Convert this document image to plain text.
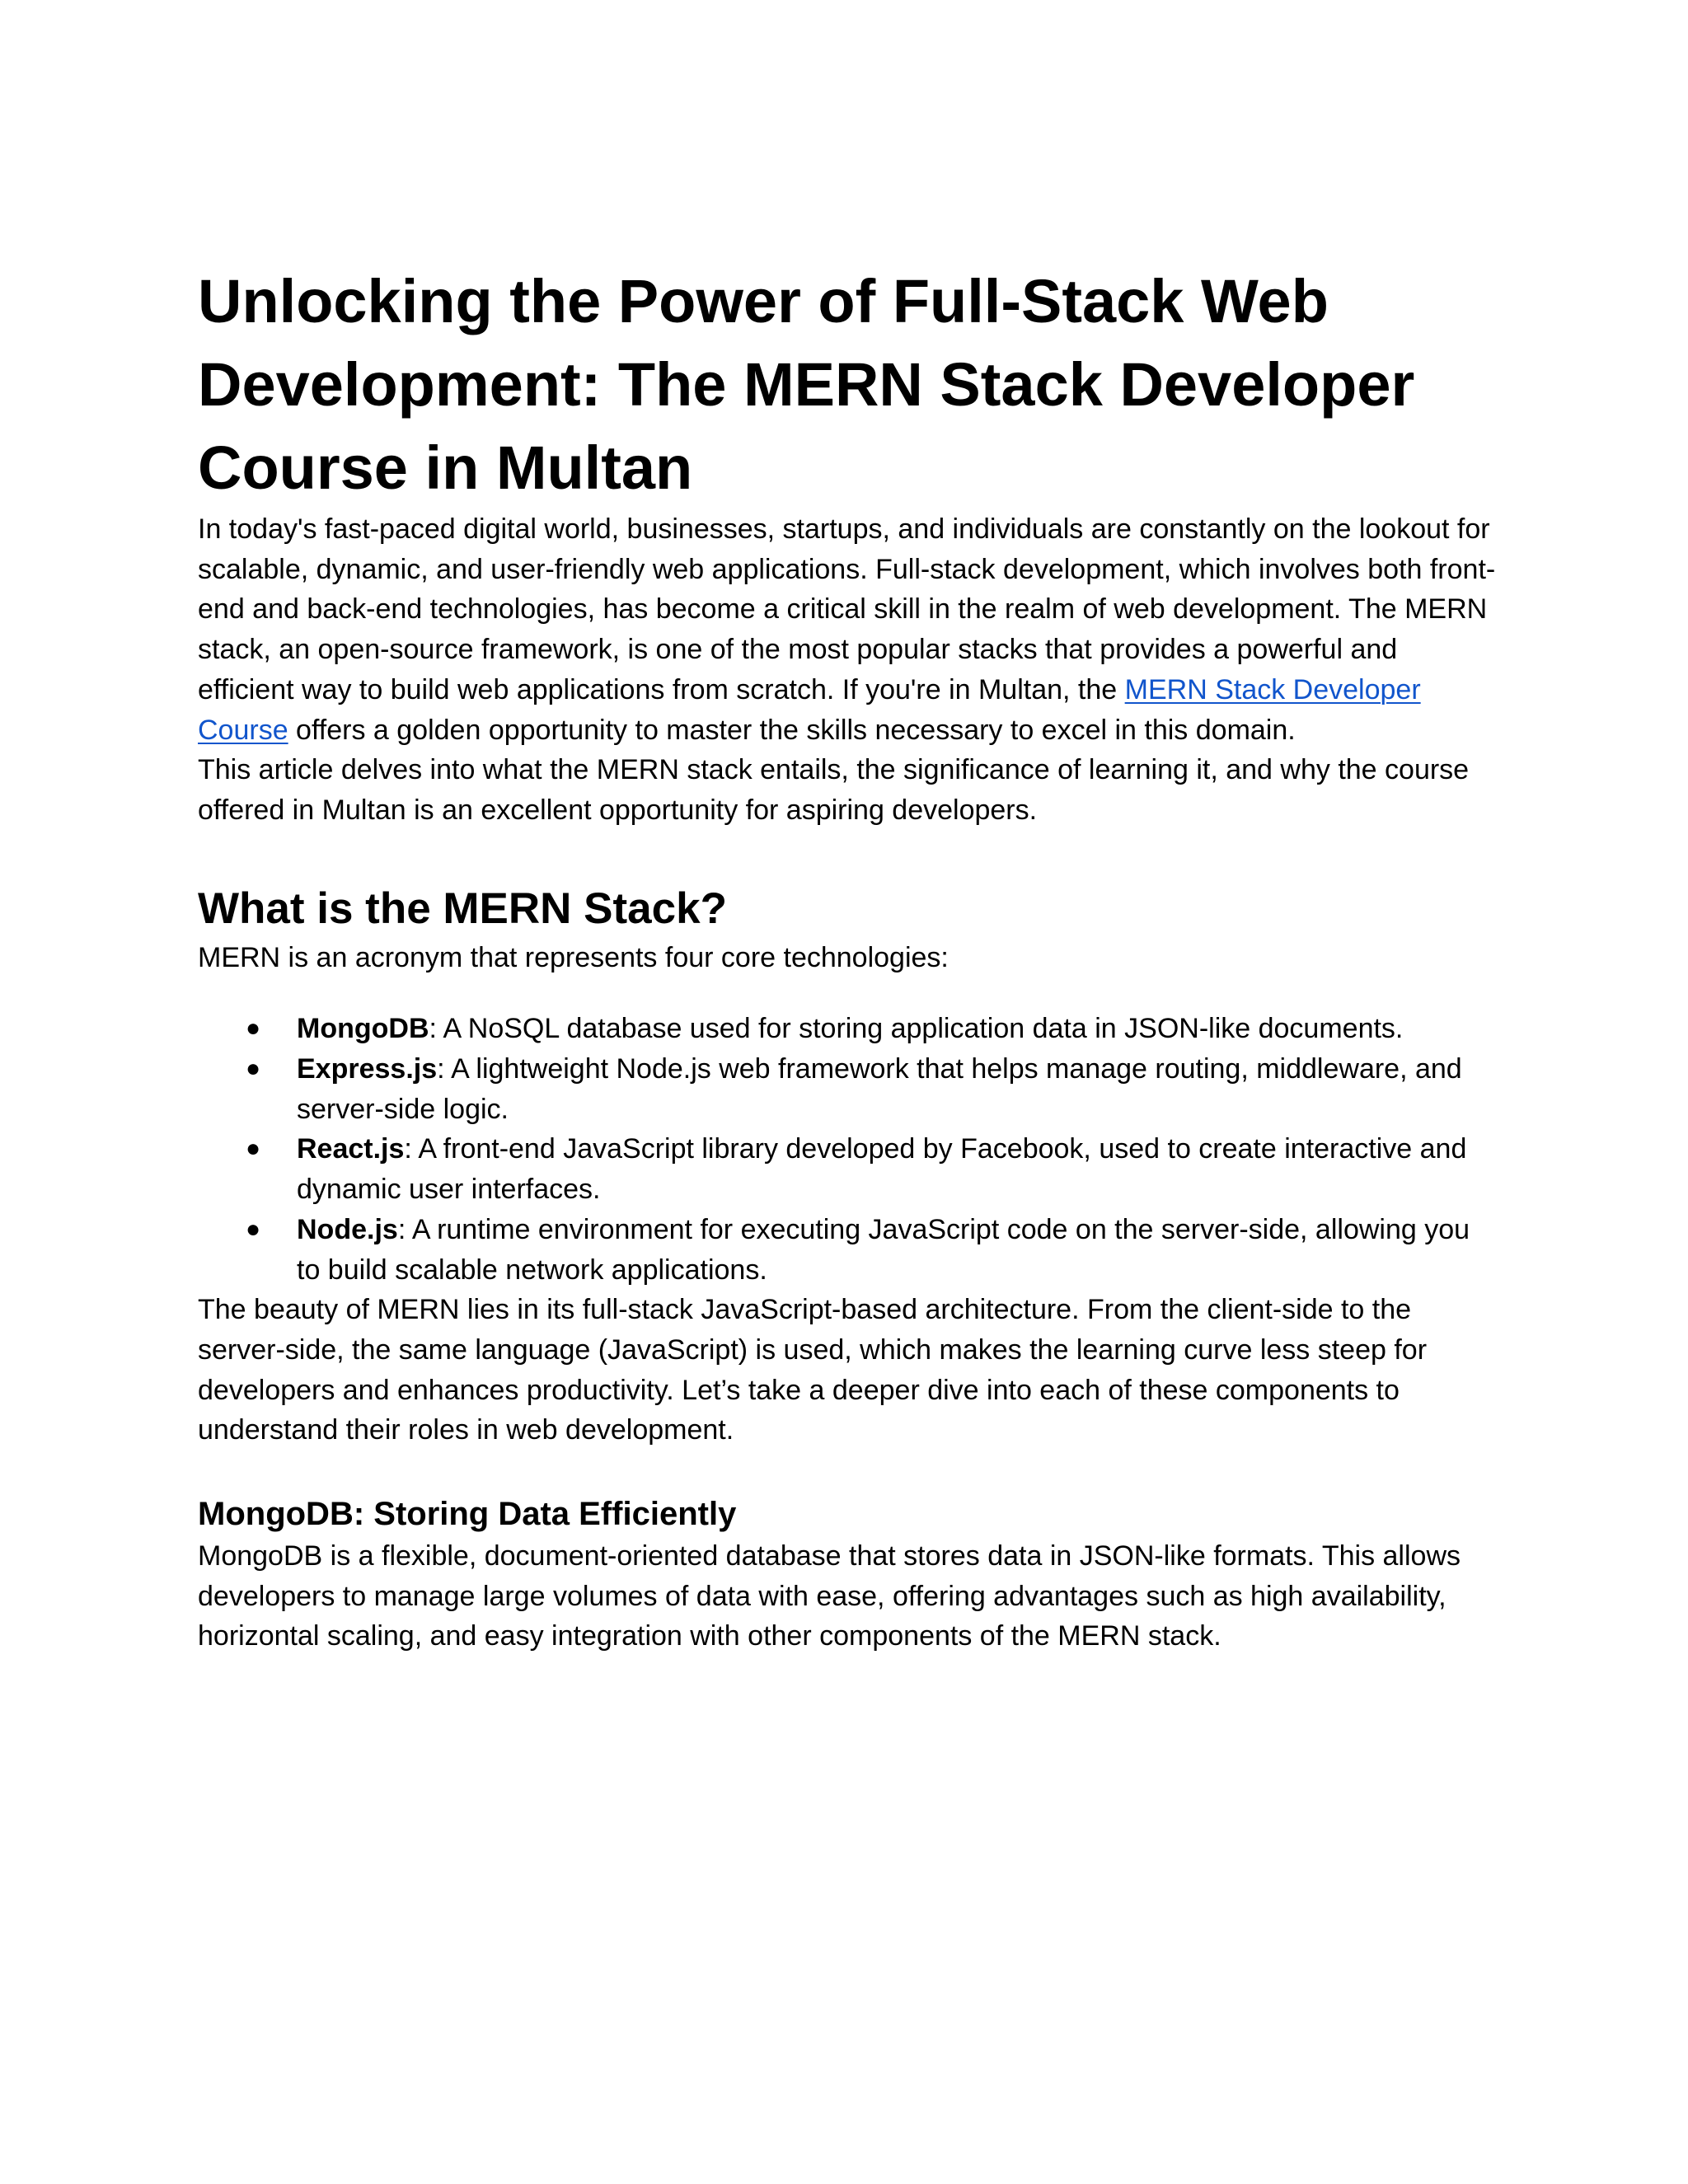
Unlocking the Power of Full-Stack Web
Development: The MERN Stack Developer
Course in Multan

In today's fast-paced digital world, businesses, startups, and individuals are constantly on the lookout for scalable, dynamic, and user-friendly web applications. Full-stack development, which involves both front-end and back-end technologies, has become a critical skill in the realm of web development. The MERN stack, an open-source framework, is one of the most popular stacks that provides a powerful and efficient way to build web applications from scratch. If you're in Multan, the MERN Stack Developer Course offers a golden opportunity to master the skills necessary to excel in this domain.

This article delves into what the MERN stack entails, the significance of learning it, and why the course offered in Multan is an excellent opportunity for aspiring developers.

What is the MERN Stack?

MERN is an acronym that represents four core technologies:

● MongoDB: A NoSQL database used for storing application data in JSON-like documents.
● Express.js: A lightweight Node.js web framework that helps manage routing, middleware, and server-side logic.
● React.js: A front-end JavaScript library developed by Facebook, used to create interactive and dynamic user interfaces.
● Node.js: A runtime environment for executing JavaScript code on the server-side, allowing you to build scalable network applications.

The beauty of MERN lies in its full-stack JavaScript-based architecture. From the client-side to the server-side, the same language (JavaScript) is used, which makes the learning curve less steep for developers and enhances productivity. Let’s take a deeper dive into each of these components to understand their roles in web development.

MongoDB: Storing Data Efficiently

MongoDB is a flexible, document-oriented database that stores data in JSON-like formats. This allows developers to manage large volumes of data with ease, offering advantages such as high availability, horizontal scaling, and easy integration with other components of the MERN stack.
